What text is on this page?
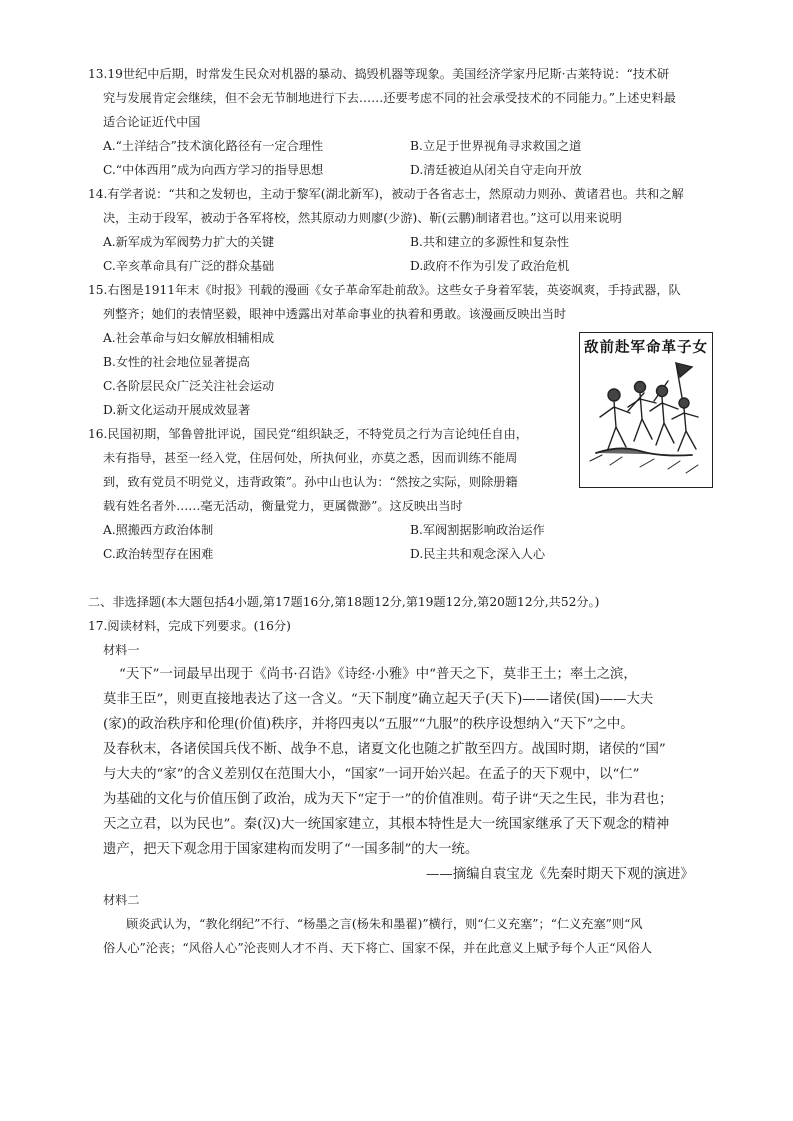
13.19世纪中后期，时常发生民众对机器的暴动、捣毁机器等现象。美国经济学家丹尼斯·古莱特说：“技术研
究与发展肯定会继续，但不会无节制地进行下去……还要考虑不同的社会承受技术的不同能力。”上述史料最
适合论证近代中国
A.“土洋结合”技术演化路径有一定合理性	B.立足于世界视角寻求救国之道
C.“中体西用”成为向西方学习的指导思想	D.清廷被迫从闭关自守走向开放
14.有学者说：“共和之发轫也，主动于黎军(湖北新军)，被动于各省志士，然原动力则孙、黄诸君也。共和之解
决，主动于段军，被动于各军将校，然其原动力则廖(少游)、靳(云鹏)制诸君也。”这可以用来说明
A.新军成为军阀势力扩大的关键	B.共和建立的多源性和复杂性
C.辛亥革命具有广泛的群众基础	D.政府不作为引发了政治危机
15.右图是1911年末《时报》刊载的漫画《女子革命军赴前敌》。这些女子身着军装，英姿飒爽，手持武器，队
列整齐；她们的表情坚毅，眼神中透露出对革命事业的执着和勇敢。该漫画反映出当时
A.社会革命与妇女解放相辅相成
B.女性的社会地位显著提高
C.各阶层民众广泛关注社会运动
D.新文化运动开展成效显著
敌前赴军命革子女
16.民国初期，邹鲁曾批评说，国民党“组织缺乏，不特党员之行为言论纯任自由，
未有指导，甚至一经入党，住居何处，所执何业，亦莫之悉，因而训练不能周
到，致有党员不明党义，违背政策”。孙中山也认为：“然按之实际，则除册籍
载有姓名者外……毫无活动，衡量党力，更属微渺”。这反映出当时
A.照搬西方政治体制	B.军阀割据影响政治运作
C.政治转型存在困难	D.民主共和观念深入人心
二、非选择题(本大题包括4小题,第17题16分,第18题12分,第19题12分,第20题12分,共52分。)
17.阅读材料，完成下列要求。(16分)
材料一
“天下”一词最早出现于《尚书·召诰》《诗经·小雅》中“普天之下，莫非王土；率土之滨，
莫非王臣”，则更直接地表达了这一含义。“天下制度”确立起天子(天下)——诸侯(国)——大夫
(家)的政治秩序和伦理(价值)秩序，并将四夷以“五服”“九服”的秩序设想纳入“天下”之中。
及春秋末，各诸侯国兵伐不断、战争不息，诸夏文化也随之扩散至四方。战国时期，诸侯的“国”
与大夫的“家”的含义差别仅在范围大小，“国家”一词开始兴起。在孟子的天下观中，以“仁”
为基础的文化与价值压倒了政治，成为天下“定于一”的价值准则。荀子讲“天之生民，非为君也；
天之立君，以为民也”。秦(汉)大一统国家建立，其根本特性是大一统国家继承了天下观念的精神
遗产，把天下观念用于国家建构而发明了“一国多制”的大一统。
——摘编自袁宝龙《先秦时期天下观的演进》
材料二
顾炎武认为，“教化纲纪”不行、“杨墨之言(杨朱和墨翟)”横行，则“仁义充塞”；“仁义充塞”则“风
俗人心”沦丧；“风俗人心”沦丧则人才不肖、天下将亡、国家不保，并在此意义上赋予每个人正“风俗人
